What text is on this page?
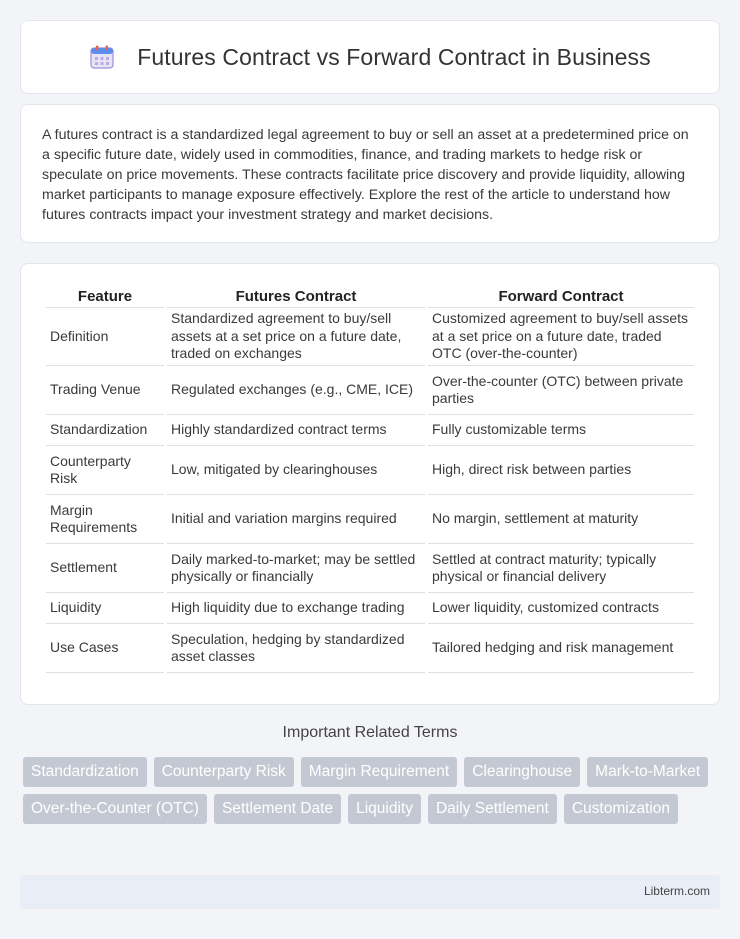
Futures Contract vs Forward Contract in Business

A futures contract is a standardized legal agreement to buy or sell an asset at a predetermined price on a specific future date, widely used in commodities, finance, and trading markets to hedge risk or speculate on price movements. These contracts facilitate price discovery and provide liquidity, allowing market participants to manage exposure effectively. Explore the rest of the article to understand how futures contracts impact your investment strategy and market decisions.

Feature	Futures Contract	Forward Contract
Definition	Standardized agreement to buy/sell assets at a set price on a future date, traded on exchanges	Customized agreement to buy/sell assets at a set price on a future date, traded OTC (over-the-counter)
Trading Venue	Regulated exchanges (e.g., CME, ICE)	Over-the-counter (OTC) between private parties
Standardization	Highly standardized contract terms	Fully customizable terms
Counterparty Risk	Low, mitigated by clearinghouses	High, direct risk between parties
Margin Requirements	Initial and variation margins required	No margin, settlement at maturity
Settlement	Daily marked-to-market; may be settled physically or financially	Settled at contract maturity; typically physical or financial delivery
Liquidity	High liquidity due to exchange trading	Lower liquidity, customized contracts
Use Cases	Speculation, hedging by standardized asset classes	Tailored hedging and risk management
Important Related Terms
Standardization	Counterparty Risk	Margin Requirement	Clearinghouse	Mark-to-Market
Over-the-Counter (OTC)	Settlement Date	Liquidity	Daily Settlement	Customization
Libterm.com
